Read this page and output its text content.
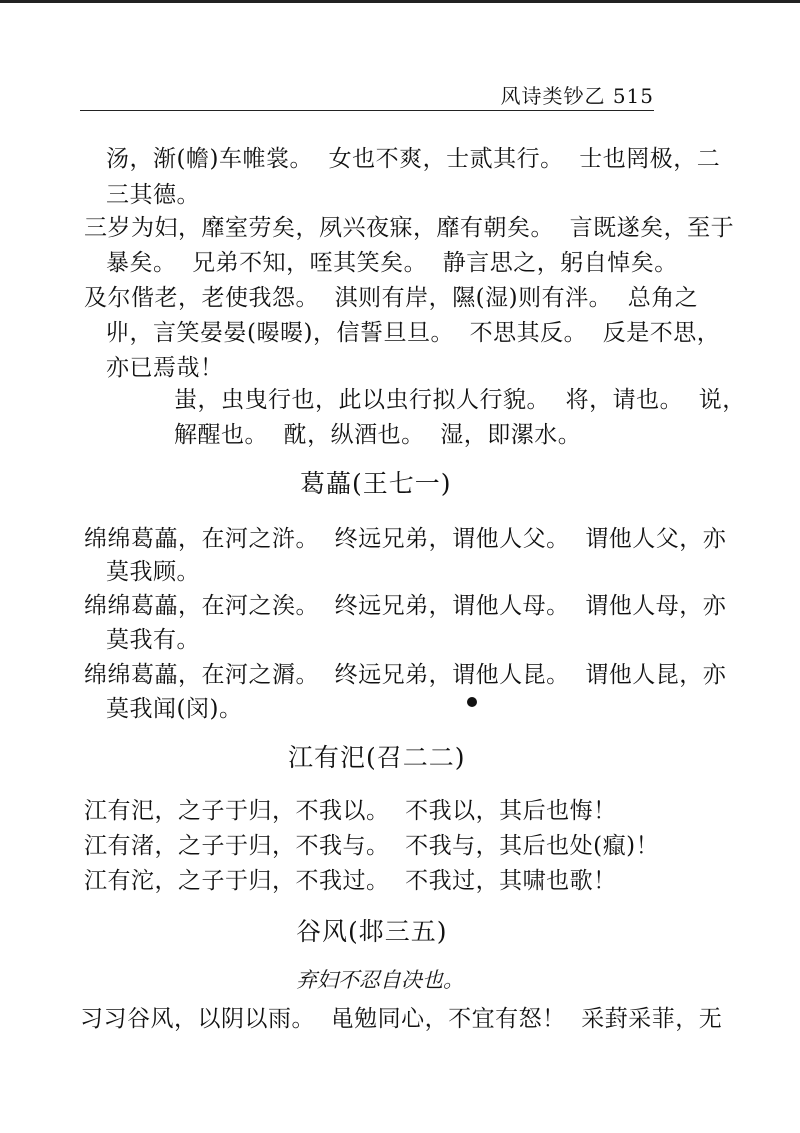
风诗类钞乙 515
汤，渐(幨)车帷裳。  女也不爽，士贰其行。  士也罔极，二
三其德。
三岁为妇，靡室劳矣，夙兴夜寐，靡有朝矣。  言既遂矣，至于
暴矣。  兄弟不知，咥其笑矣。  静言思之，躬自悼矣。
及尔偕老，老使我怨。  淇则有岸，隰(湿)则有泮。  总角之
丱，言笑晏晏(暥暥)，信誓旦旦。  不思其反。  反是不思，
亦已焉哉！
蚩，虫曳行也，此以虫行拟人行貌。  将，请也。  说，
解醒也。  酖，纵酒也。  湿，即漯水。
葛藟(王七一)
绵绵葛藟，在河之浒。  终远兄弟，谓他人父。  谓他人父，亦
莫我顾。
绵绵葛藟，在河之涘。  终远兄弟，谓他人母。  谓他人母，亦
莫我有。
绵绵葛藟，在河之漘。  终远兄弟，谓他人昆。  谓他人昆，亦
莫我闻(闵)。
江有汜(召二二)
江有汜，之子于归，不我以。  不我以，其后也悔！
江有渚，之子于归，不我与。  不我与，其后也处(癙)！
江有沱，之子于归，不我过。  不我过，其啸也歌！
谷风(邶三五)
弃妇不忍自决也。
习习谷风，以阴以雨。  黾勉同心，不宜有怒！  采葑采菲，无
